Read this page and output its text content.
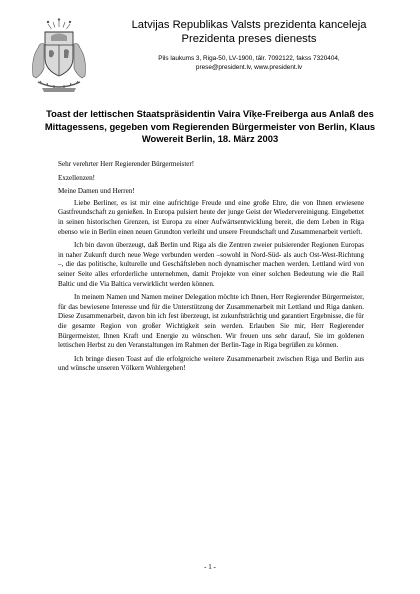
Latvijas Republikas Valsts prezidenta kanceleja
Prezidenta preses dienests
Pils laukums 3, Riga-50, LV-1900, tālr. 7092122, fakss 7320404,
prese@president.lv, www.president.lv
Toast der lettischen Staatspräsidentin Vaira Vīķe-Freiberga aus Anlaß des Mittagessens, gegeben vom Regierenden Bürgermeister von Berlin, Klaus Wowereit Berlin, 18. März 2003

Sehr verehrter Herr Regierender Bürgermeister!

Exzellenzen!

Meine Damen und Herren!

Liebe Berliner, es ist mir eine aufrichtige Freude und eine große Ehre, die von Ihnen erwiesene Gastfreundschaft zu genießen. In Europa pulsiert heute der junge Geist der Wiedervereinigung. Eingebettet in seinen historischen Grenzen, ist Europa zu einer Aufwärtsentwicklung bereit, die dem Leben in Riga ebenso wie in Berlin einen neuen Grundton verleiht und unsere Freundschaft und Zusammenarbeit vertieft.

Ich bin davon überzeugt, daß Berlin und Riga als die Zentren zweier pulsierender Regionen Europas in naher Zukunft durch neue Wege verbunden werden –sowohl in Nord-Süd- als auch Ost-West-Richtung –, die das politische, kulturelle und Geschäftsleben noch dynamischer machen werden. Lettland wird von seiner Seite alles erforderliche unternehmen, damit Projekte von einer solchen Bedeutung wie die Rail Baltic und die Via Baltica verwirklicht werden können.

In meinem Namen und Namen meiner Delegation möchte ich Ihnen, Herr Regierender Bürgermeister, für das bewiesene Interesse und für die Unterstützung der Zusammenarbeit mit Lettland und Riga danken. Diese Zusammenarbeit, davon bin ich fest überzeugt, ist zukunftsträchtig und garantiert Ergebnisse, die für die gesamte Region von großer Wichtigkeit sein werden. Erlauben Sie mir, Herr Regierender Bürgermeister, Ihnen Kraft und Energie zu wünschen. Wir freuen uns sehr darauf, Sie im goldenen lettischen Herbst zu den Veranstaltungen im Rahmen der Berlin-Tage in Riga begrüßen zu können.

Ich bringe diesen Toast auf die erfolgreiche weitere Zusammenarbeit zwischen Riga und Berlin aus und wünsche unseren Völkern Wohlergehen!

- 1 -
